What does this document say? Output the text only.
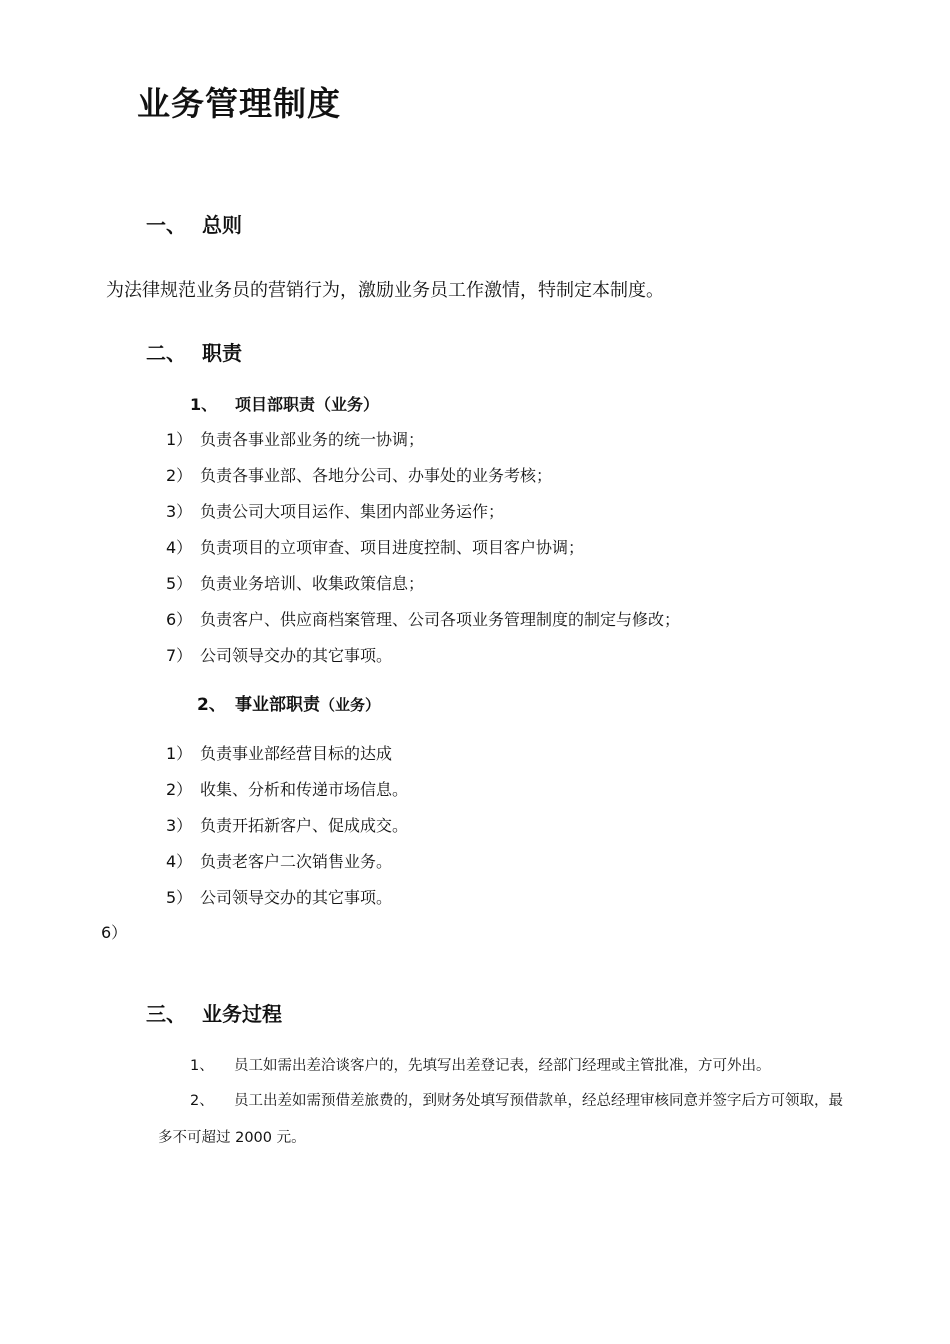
业务管理制度
一、 总则
为法律规范业务员的营销行为，激励业务员工作激情，特制定本制度。
二、 职责
1、 项目部职责（业务）
1） 负责各事业部业务的统一协调；
2） 负责各事业部、各地分公司、办事处的业务考核；
3） 负责公司大项目运作、集团内部业务运作；
4） 负责项目的立项审查、项目进度控制、项目客户协调；
5） 负责业务培训、收集政策信息；
6） 负责客户、供应商档案管理、公司各项业务管理制度的制定与修改；
7） 公司领导交办的其它事项。
2、 事业部职责（业务）
1） 负责事业部经营目标的达成
2） 收集、分析和传递市场信息。
3） 负责开拓新客户、促成成交。
4） 负责老客户二次销售业务。
5） 公司领导交办的其它事项。
6）
三、 业务过程
1、 员工如需出差洽谈客户的，先填写出差登记表，经部门经理或主管批准，方可外出。
2、 员工出差如需预借差旅费的，到财务处填写预借款单，经总经理审核同意并签字后方可领取，最
多不可超过 2000 元。
